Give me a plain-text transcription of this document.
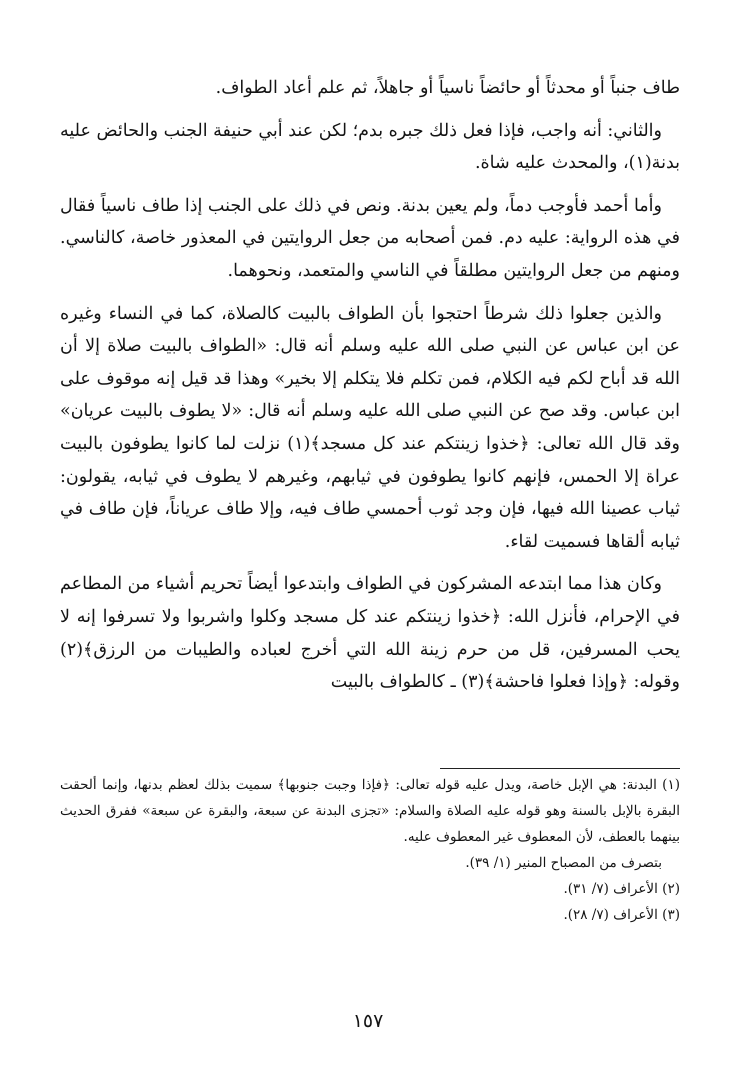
طاف جنباً أو محدثاً أو حائضاً ناسياً أو جاهلاً، ثم علم أعاد الطواف.

والثاني: أنه واجب، فإذا فعل ذلك جبره بدم؛ لكن عند أبي حنيفة الجنب والحائض عليه بدنة(١)، والمحدث عليه شاة.

وأما أحمد فأوجب دماً، ولم يعين بدنة. ونص في ذلك على الجنب إذا طاف ناسياً فقال في هذه الرواية: عليه دم. فمن أصحابه من جعل الروايتين في المعذور خاصة، كالناسي. ومنهم من جعل الروايتين مطلقاً في الناسي والمتعمد، ونحوهما.

والذين جعلوا ذلك شرطاً احتجوا بأن الطواف بالبيت كالصلاة، كما في النساء وغيره عن ابن عباس عن النبي صلى الله عليه وسلم أنه قال: «الطواف بالبيت صلاة إلا أن الله قد أباح لكم فيه الكلام، فمن تكلم فلا يتكلم إلا بخير» وهذا قد قيل إنه موقوف على ابن عباس. وقد صح عن النبي صلى الله عليه وسلم أنه قال: «لا يطوف بالبيت عريان» وقد قال الله تعالى: ﴿خذوا زينتكم عند كل مسجد﴾(١) نزلت لما كانوا يطوفون بالبيت عراة إلا الحمس، فإنهم كانوا يطوفون في ثيابهم، وغيرهم لا يطوف في ثيابه، يقولون: ثياب عصينا الله فيها، فإن وجد ثوب أحمسي طاف فيه، وإلا طاف عرياناً، فإن طاف في ثيابه ألقاها فسميت لقاء.

وكان هذا مما ابتدعه المشركون في الطواف وابتدعوا أيضاً تحريم أشياء من المطاعم في الإحرام، فأنزل الله: ﴿خذوا زينتكم عند كل مسجد وكلوا واشربوا ولا تسرفوا إنه لا يحب المسرفين، قل من حرم زينة الله التي أخرج لعباده والطيبات من الرزق﴾(٢) وقوله: ﴿وإذا فعلوا فاحشة﴾(٣) ـ كالطواف بالبيت

(١) البدنة: هي الإبل خاصة، ويدل عليه قوله تعالى: ﴿فإذا وجبت جنوبها﴾ سميت بذلك لعظم بدنها، وإنما ألحقت البقرة بالإبل بالسنة وهو قوله عليه الصلاة والسلام: «تجزى البدنة عن سبعة، والبقرة عن سبعة» ففرق الحديث بينهما بالعطف، لأن المعطوف غير المعطوف عليه.

بتصرف من المصباح المنير (١/ ٣٩).

(٢) الأعراف (٧/ ٣١).

(٣) الأعراف (٧/ ٢٨).

١٥٧
